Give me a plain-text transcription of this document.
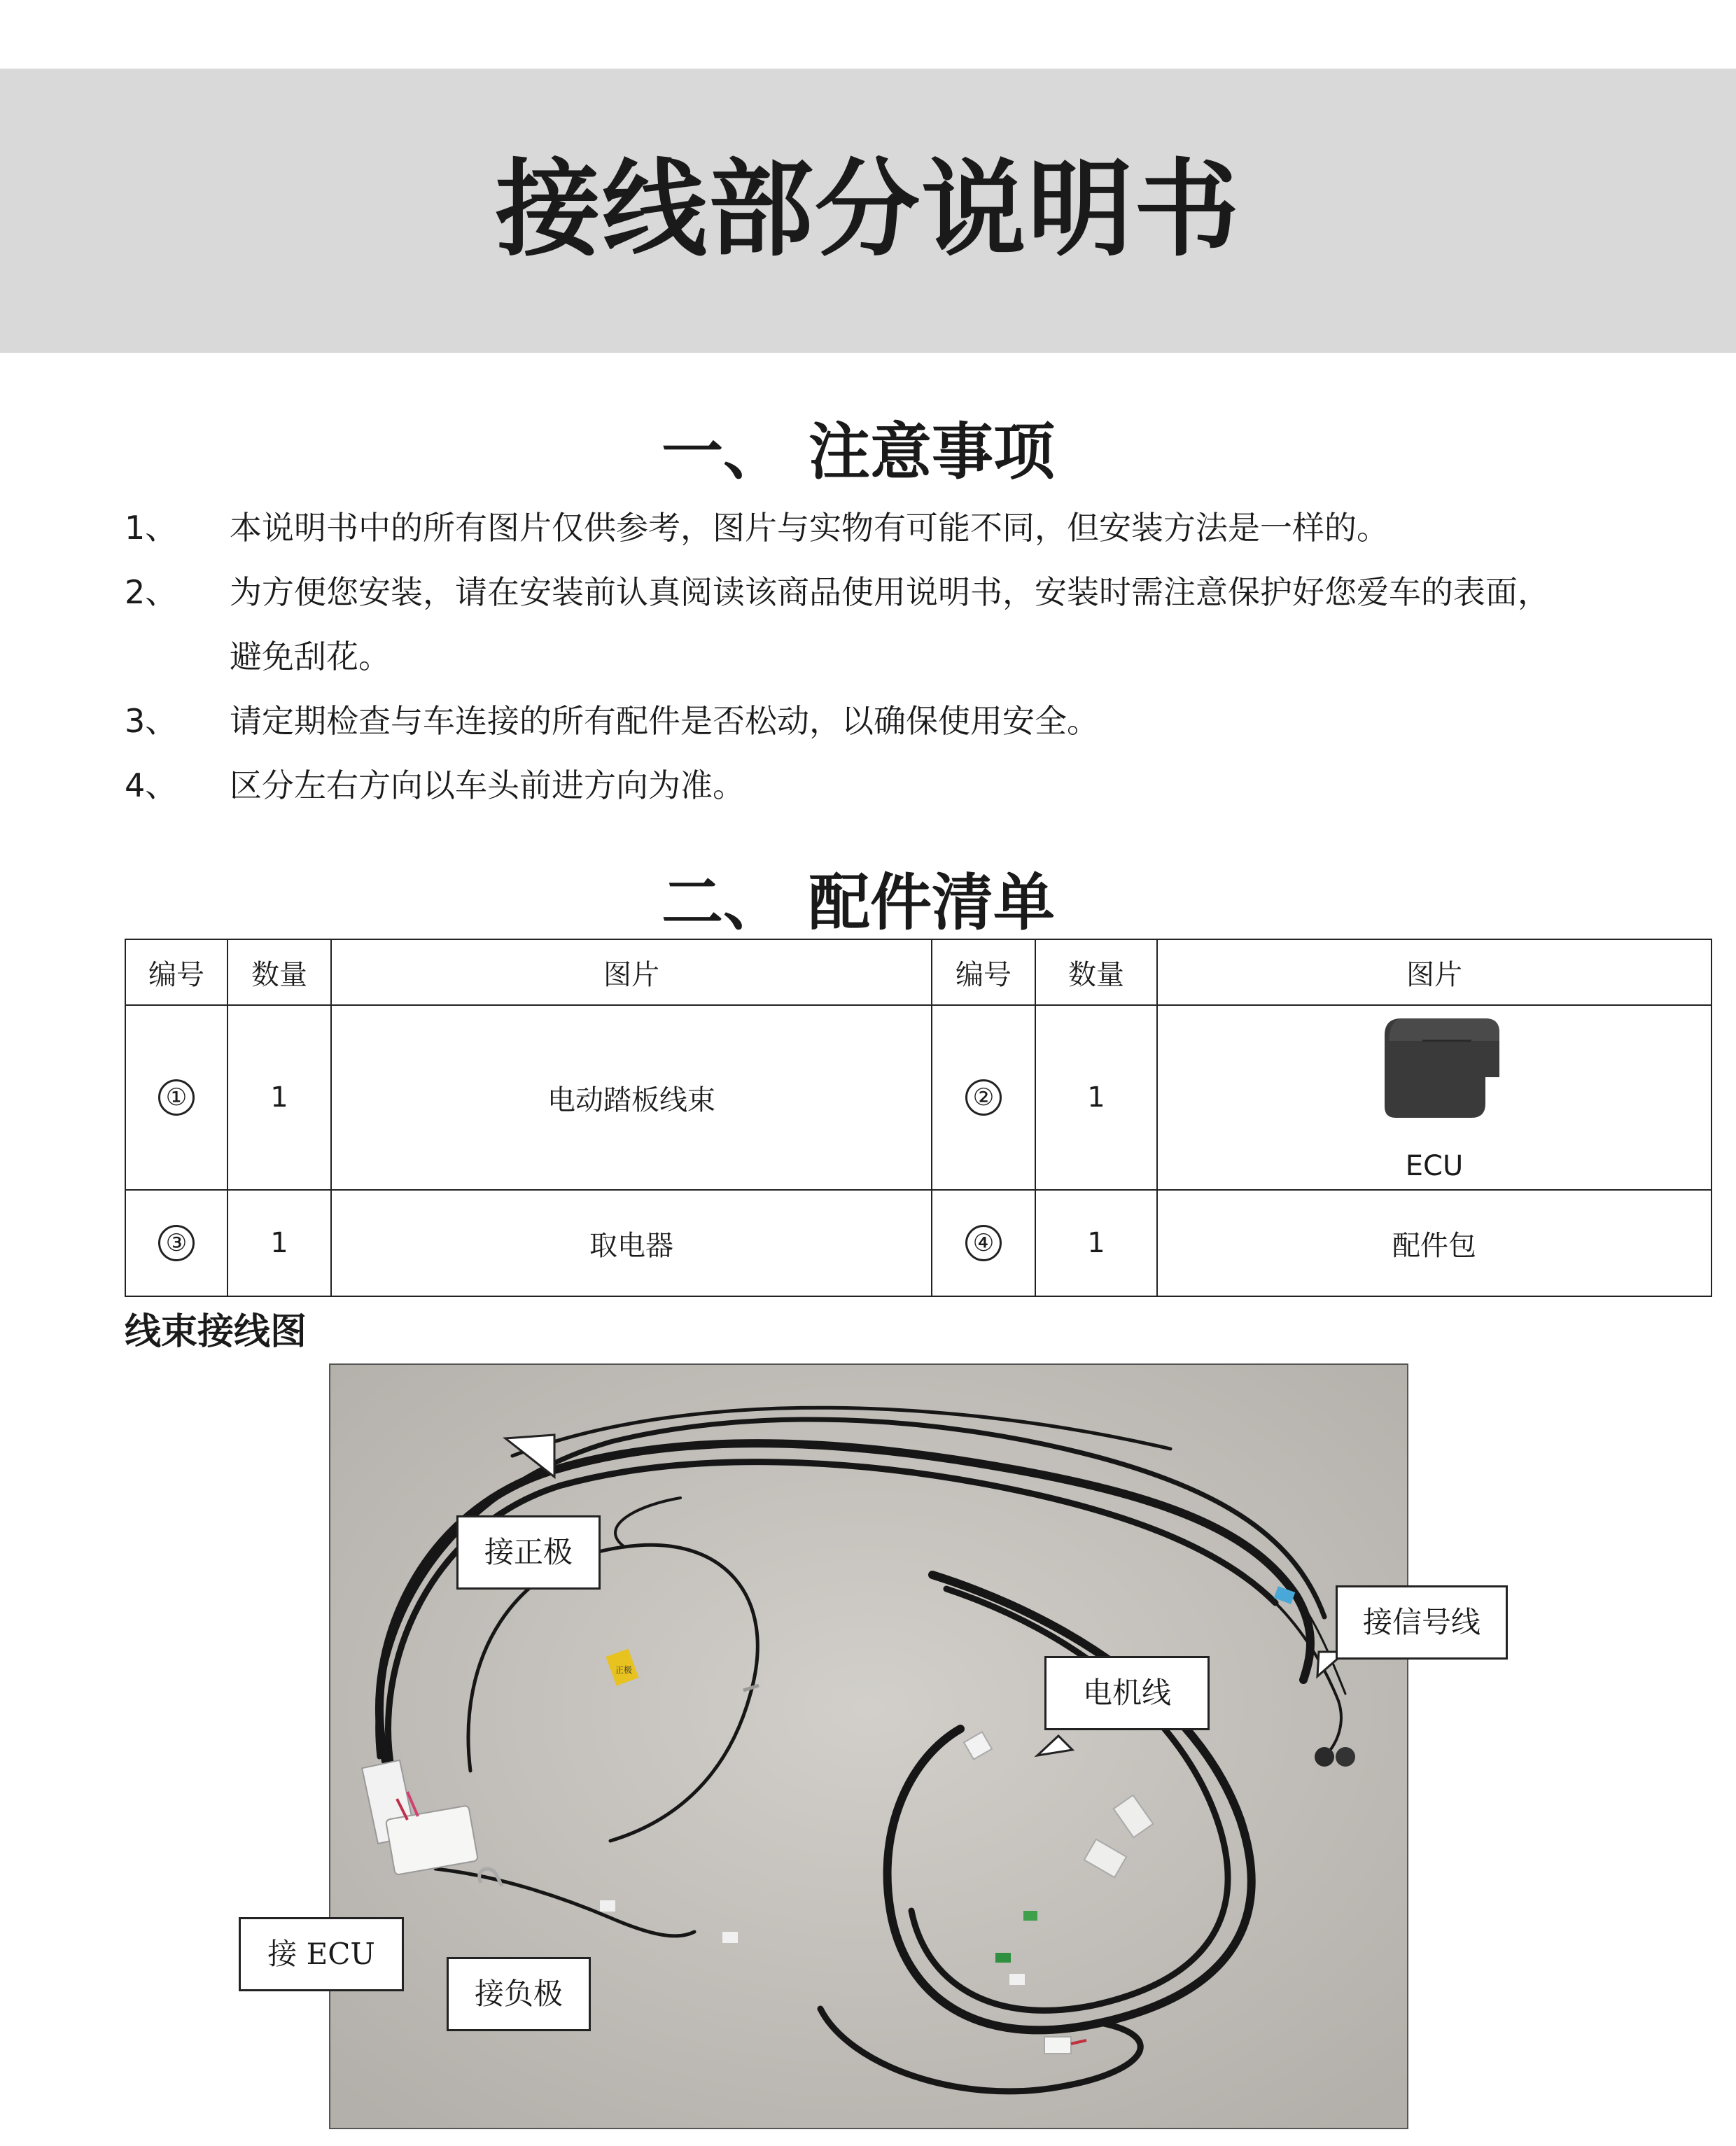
接线部分说明书
一、 注意事项
1、	本说明书中的所有图片仅供参考，图片与实物有可能不同，但安装方法是一样的。
2、	为方便您安装，请在安装前认真阅读该商品使用说明书，安装时需注意保护好您爱车的表面，
避免刮花。
3、	请定期检查与车连接的所有配件是否松动，以确保使用安全。
4、	区分左右方向以车头前进方向为准。
二、 配件清单
编号	数量	图片	编号	数量	图片
①	1	电动踏板线束	②	1	ECU

③	1	取电器	④	1	配件包
线束接线图
正极
接正极
接信号线
电机线
接负极
接 ECU
